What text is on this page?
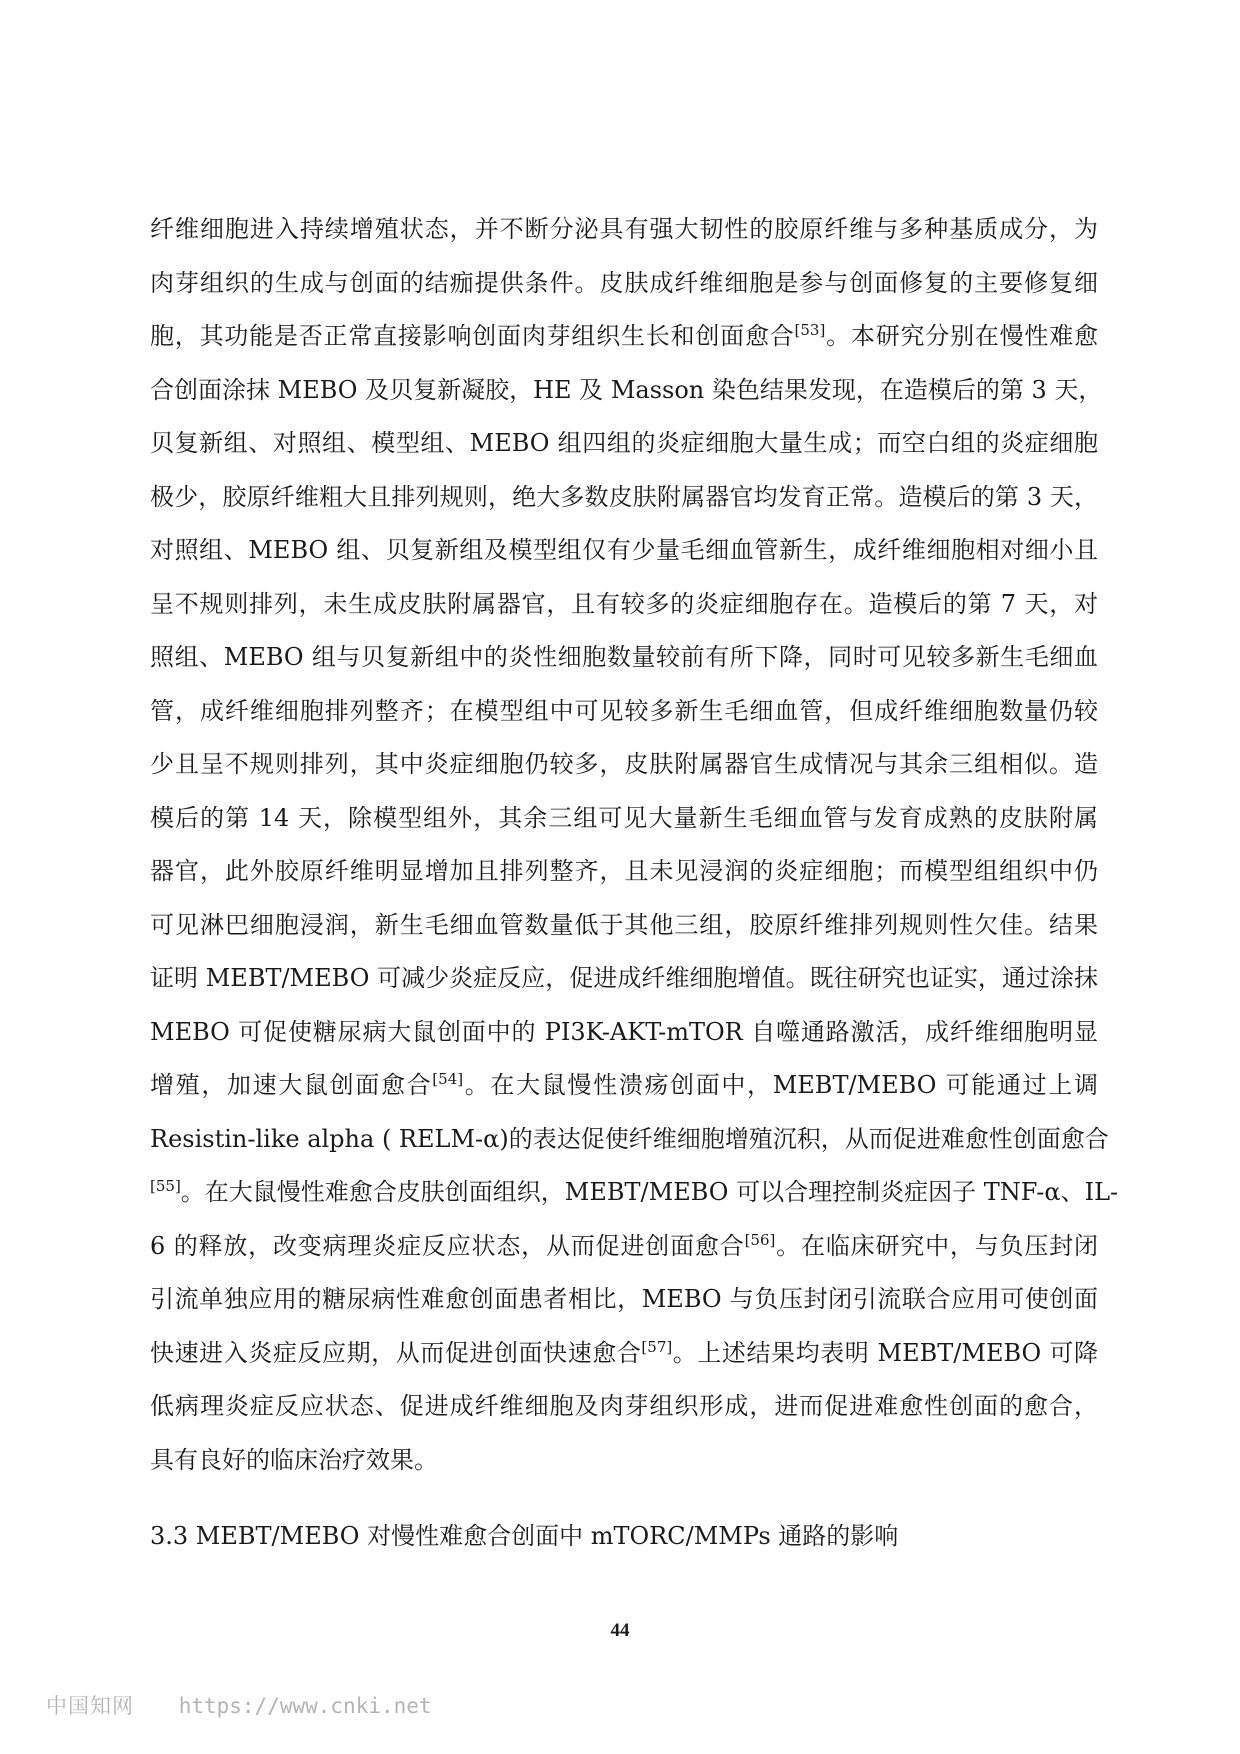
纤维细胞进入持续增殖状态，并不断分泌具有强大韧性的胶原纤维与多种基质成分，为
肉芽组织的生成与创面的结痂提供条件。皮肤成纤维细胞是参与创面修复的主要修复细
胞，其功能是否正常直接影响创面肉芽组织生长和创面愈合[53]。本研究分别在慢性难愈
合创面涂抹 MEBO 及贝复新凝胶，HE 及 Masson 染色结果发现，在造模后的第 3 天，
贝复新组、对照组、模型组、MEBO 组四组的炎症细胞大量生成；而空白组的炎症细胞
极少，胶原纤维粗大且排列规则，绝大多数皮肤附属器官均发育正常。造模后的第 3 天，
对照组、MEBO 组、贝复新组及模型组仅有少量毛细血管新生，成纤维细胞相对细小且
呈不规则排列，未生成皮肤附属器官，且有较多的炎症细胞存在。造模后的第 7 天，对
照组、MEBO 组与贝复新组中的炎性细胞数量较前有所下降，同时可见较多新生毛细血
管，成纤维细胞排列整齐；在模型组中可见较多新生毛细血管，但成纤维细胞数量仍较
少且呈不规则排列，其中炎症细胞仍较多，皮肤附属器官生成情况与其余三组相似。造
模后的第 14 天，除模型组外，其余三组可见大量新生毛细血管与发育成熟的皮肤附属
器官，此外胶原纤维明显增加且排列整齐，且未见浸润的炎症细胞；而模型组组织中仍
可见淋巴细胞浸润，新生毛细血管数量低于其他三组，胶原纤维排列规则性欠佳。结果
证明 MEBT/MEBO 可减少炎症反应，促进成纤维细胞增值。既往研究也证实，通过涂抹
MEBO 可促使糖尿病大鼠创面中的 PI3K-AKT-mTOR 自噬通路激活，成纤维细胞明显
增殖，加速大鼠创面愈合[54]。在大鼠慢性溃疡创面中，MEBT/MEBO 可能通过上调
Resistin-like alpha ( RELM-α)的表达促使纤维细胞增殖沉积，从而促进难愈性创面愈合
[55]。在大鼠慢性难愈合皮肤创面组织，MEBT/MEBO 可以合理控制炎症因子 TNF-α、IL-
6 的释放，改变病理炎症反应状态，从而促进创面愈合[56]。在临床研究中，与负压封闭
引流单独应用的糖尿病性难愈创面患者相比，MEBO 与负压封闭引流联合应用可使创面
快速进入炎症反应期，从而促进创面快速愈合[57]。上述结果均表明 MEBT/MEBO 可降
低病理炎症反应状态、促进成纤维细胞及肉芽组织形成，进而促进难愈性创面的愈合，
具有良好的临床治疗效果。
3.3 MEBT/MEBO 对慢性难愈合创面中 mTORC/MMPs 通路的影响
44
中国知网 https://www.cnki.net
